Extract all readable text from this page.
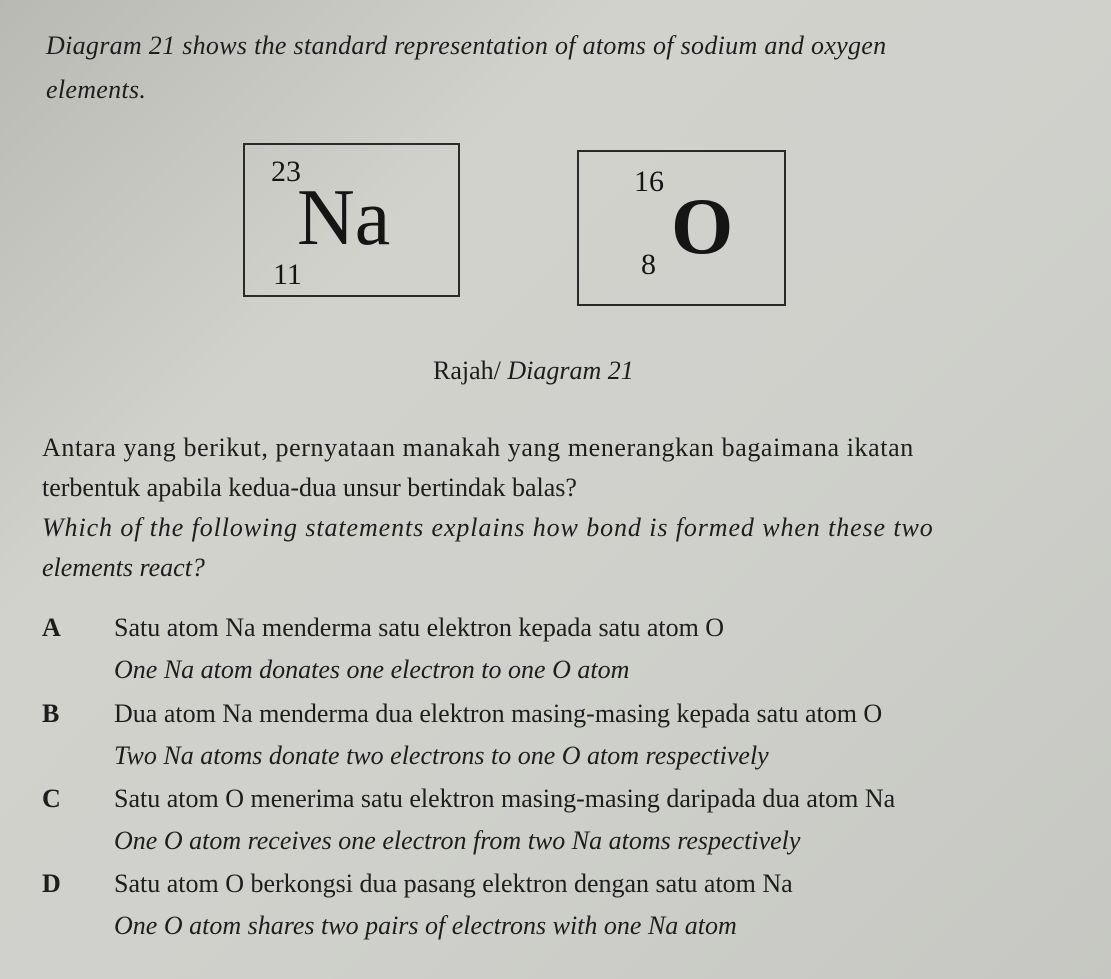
Diagram 21 shows the standard representation of atoms of sodium and oxygen
elements.
23
Na
11
16
O
8
Rajah/ Diagram 21
Antara yang berikut, pernyataan manakah yang menerangkan bagaimana ikatan
terbentuk apabila kedua-dua unsur bertindak balas?
Which of the following statements explains how bond is formed when these two
elements react?
A Satu atom Na menderma satu elektron kepada satu atom O
One Na atom donates one electron to one O atom
B Dua atom Na menderma dua elektron masing-masing kepada satu atom O
Two Na atoms donate two electrons to one O atom respectively
C Satu atom O menerima satu elektron masing-masing daripada dua atom Na
One O atom receives one electron from two Na atoms respectively
D Satu atom O berkongsi dua pasang elektron dengan satu atom Na
One O atom shares two pairs of electrons with one Na atom
